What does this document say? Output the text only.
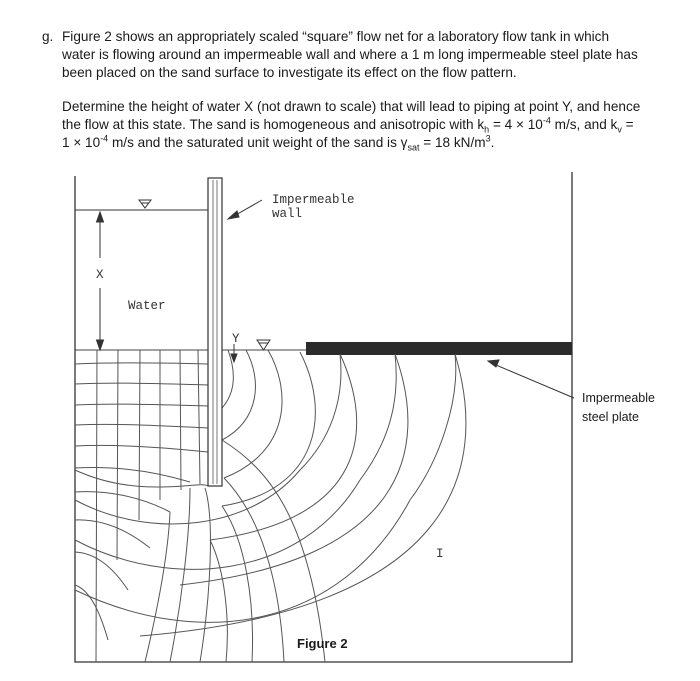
g. Figure 2 shows an appropriately scaled “square” flow net for a laboratory flow tank in which water is flowing around an impermeable wall and where a 1 m long impermeable steel plate has been placed on the sand surface to investigate its effect on the flow pattern.

Determine the height of water X (not drawn to scale) that will lead to piping at point Y, and hence the flow at this state. The sand is homogeneous and anisotropic with $k_h = 4 \times 10^{-4}$ m/s, and $k_v = 1 \times 10^{-4}$ m/s and the saturated unit weight of the sand is $\gamma_{sat} = 18$ $kN/m^3$.

Impermeable
wall
Water
X
Y
Impermeable
steel plate
I
Figure 2
